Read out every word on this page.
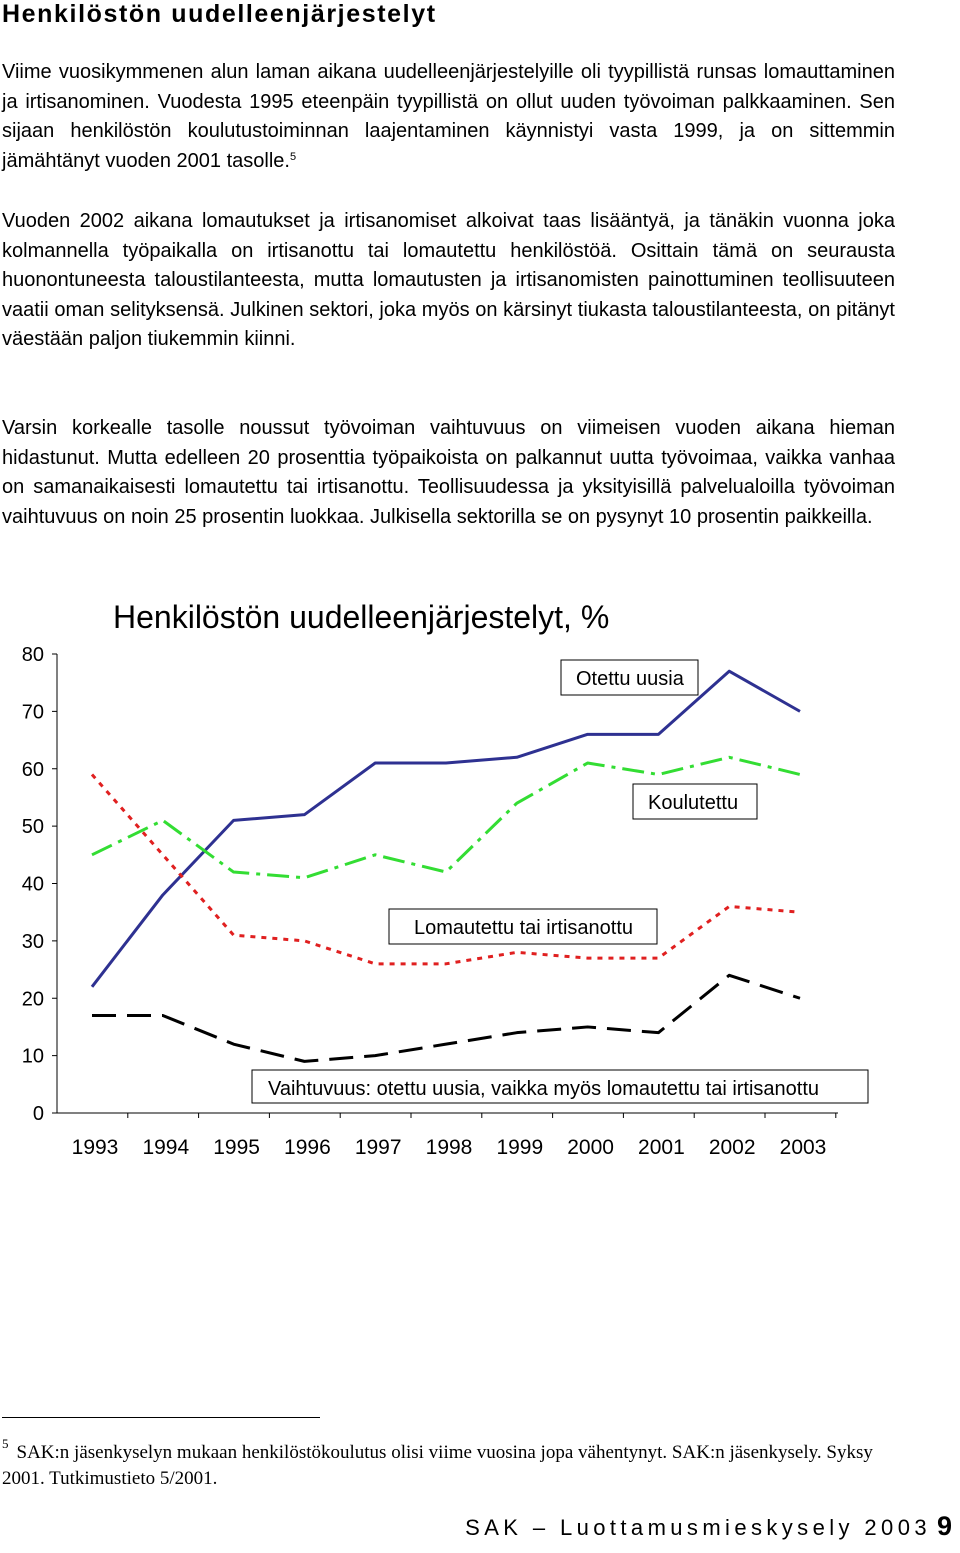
Henkilöstön uudelleenjärjestelyt

Viime vuosikymmenen alun laman aikana uudelleenjärjestelyille oli tyypillistä runsas lomauttaminen ja irtisanominen. Vuodesta 1995 eteenpäin tyypillistä on ollut uuden työvoiman palkkaaminen. Sen sijaan henkilöstön koulutustoiminnan laajentaminen käynnistyi vasta 1999, ja on sittemmin jämähtänyt vuoden 2001 tasolle.$^5$

Vuoden 2002 aikana lomautukset ja irtisanomiset alkoivat taas lisääntyä, ja tänäkin vuonna joka kolmannella työpaikalla on irtisanottu tai lomautettu henkilöstöä. Osittain tämä on seurausta huonontuneesta taloustilanteesta, mutta lomautusten ja irtisanomisten painottuminen teollisuuteen vaatii oman selityksensä. Julkinen sektori, joka myös on kärsinyt tiukasta taloustilanteesta, on pitänyt väestään paljon tiukemmin kiinni.

Varsin korkealle tasolle noussut työvoiman vaihtuvuus on viimeisen vuoden aikana hieman hidastunut. Mutta edelleen 20 prosenttia työpaikoista on palkannut uutta työvoimaa, vaikka vanhaa on samanaikaisesti lomautettu tai irtisanottu. Teollisuudessa ja yksityisillä palvelualoilla työvoiman vaihtuvuus on noin 25 prosentin luokkaa. Julkisella sektorilla se on pysynyt 10 prosentin paikkeilla.

Henkilöstön uudelleenjärjestelyt, %
0
10
20
30
40
50
60
70
80
1993 1994 1995 1996 1997 1998 1999 2000 2001 2002 2003
Otettu uusia
Koulutettu
Lomautettu tai irtisanottu
Vaihtuvuus: otettu uusia, vaikka myös lomautettu tai irtisanottu

$^5$ SAK:n jäsenkyselyn mukaan henkilöstökoulutus olisi viime vuosina jopa vähentynyt. SAK:n jäsenkysely. Syksy 2001. Tutkimustieto 5/2001.

SAK – Luottamusmieskysely 2003 9
